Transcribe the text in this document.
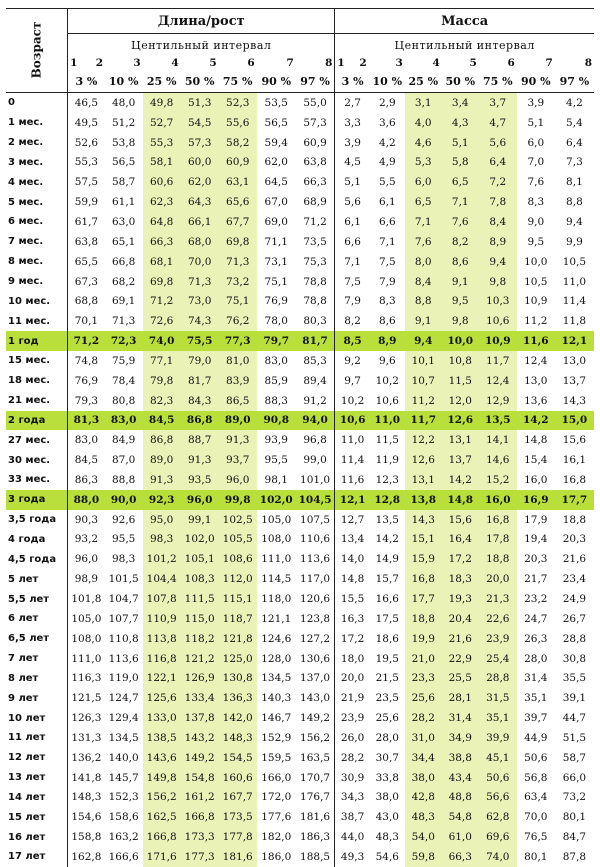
Возраст	Длина/рост							Масса						
	Центильный интервал							Центильный интервал						
	1 2	3	4	5	6	7	8	1 2	3	4	5	6	7	8
	3 %	10 %	25 %	50 %	75 %	90 %	97 %	3 %	10 %	25 %	50 %	75 %	90 %	97 %
0	46,5	48,0	49,8	51,3	52,3	53,5	55,0	2,7	2,9	3,1	3,4	3,7	3,9	4,2
1 мес.	49,5	51,2	52,7	54,5	55,6	56,5	57,3	3,3	3,6	4,0	4,3	4,7	5,1	5,4
2 мес.	52,6	53,8	55,3	57,3	58,2	59,4	60,9	3,9	4,2	4,6	5,1	5,6	6,0	6,4
3 мес.	55,3	56,5	58,1	60,0	60,9	62,0	63,8	4,5	4,9	5,3	5,8	6,4	7,0	7,3
4 мес.	57,5	58,7	60,6	62,0	63,1	64,5	66,3	5,1	5,5	6,0	6,5	7,2	7,6	8,1
5 мес.	59,9	61,1	62,3	64,3	65,6	67,0	68,9	5,6	6,1	6,5	7,1	7,8	8,3	8,8
6 мес.	61,7	63,0	64,8	66,1	67,7	69,0	71,2	6,1	6,6	7,1	7,6	8,4	9,0	9,4
7 мес.	63,8	65,1	66,3	68,0	69,8	71,1	73,5	6,6	7,1	7,6	8,2	8,9	9,5	9,9
8 мес.	65,5	66,8	68,1	70,0	71,3	73,1	75,3	7,1	7,5	8,0	8,6	9,4	10,0	10,5
9 мес.	67,3	68,2	69,8	71,3	73,2	75,1	78,8	7,5	7,9	8,4	9,1	9,8	10,5	11,0
10 мес.	68,8	69,1	71,2	73,0	75,1	76,9	78,8	7,9	8,3	8,8	9,5	10,3	10,9	11,4
11 мес.	70,1	71,3	72,6	74,3	76,2	78,0	80,3	8,2	8,6	9,1	9,8	10,6	11,2	11,8
1 год	71,2	72,3	74,0	75,5	77,3	79,7	81,7	8,5	8,9	9,4	10,0	10,9	11,6	12,1
15 мес.	74,8	75,9	77,1	79,0	81,0	83,0	85,3	9,2	9,6	10,1	10,8	11,7	12,4	13,0
18 мес.	76,9	78,4	79,8	81,7	83,9	85,9	89,4	9,7	10,2	10,7	11,5	12,4	13,0	13,7
21 мес.	79,3	80,8	82,3	84,3	86,5	88,3	91,2	10,2	10,6	11,2	12,0	12,9	13,6	14,3
2 года	81,3	83,0	84,5	86,8	89,0	90,8	94,0	10,6	11,0	11,7	12,6	13,5	14,2	15,0
27 мес.	83,0	84,9	86,8	88,7	91,3	93,9	96,8	11,0	11,5	12,2	13,1	14,1	14,8	15,6
30 мес.	84,5	87,0	89,0	91,3	93,7	95,5	99,0	11,4	11,9	12,6	13,7	14,6	15,4	16,1
33 мес.	86,3	88,8	91,3	93,5	96,0	98,1	101,0	11,6	12,3	13,1	14,2	15,2	16,0	16,8
3 года	88,0	90,0	92,3	96,0	99,8	102,0	104,5	12,1	12,8	13,8	14,8	16,0	16,9	17,7
3,5 года	90,3	92,6	95,0	99,1	102,5	105,0	107,5	12,7	13,5	14,3	15,6	16,8	17,9	18,8
4 года	93,2	95,5	98,3	102,0	105,5	108,0	110,6	13,4	14,2	15,1	16,4	17,8	19,4	20,3
4,5 года	96,0	98,3	101,2	105,1	108,6	111,0	113,6	14,0	14,9	15,9	17,2	18,8	20,3	21,6
5 лет	98,9	101,5	104,4	108,3	112,0	114,5	117,0	14,8	15,7	16,8	18,3	20,0	21,7	23,4
5,5 лет	101,8	104,7	107,8	111,5	115,1	118,0	120,6	15,5	16,6	17,7	19,3	21,3	23,2	24,9
6 лет	105,0	107,7	110,9	115,0	118,7	121,1	123,8	16,3	17,5	18,8	20,4	22,6	24,7	26,7
6,5 лет	108,0	110,8	113,8	118,2	121,8	124,6	127,2	17,2	18,6	19,9	21,6	23,9	26,3	28,8
7 лет	111,0	113,6	116,8	121,2	125,0	128,0	130,6	18,0	19,5	21,0	22,9	25,4	28,0	30,8
8 лет	116,3	119,0	122,1	126,9	130,8	134,5	137,0	20,0	21,5	23,3	25,5	28,8	31,4	35,5
9 лет	121,5	124,7	125,6	133,4	136,3	140,3	143,0	21,9	23,5	25,6	28,1	31,5	35,1	39,1
10 лет	126,3	129,4	133,0	137,8	142,0	146,7	149,2	23,9	25,6	28,2	31,4	35,1	39,7	44,7
11 лет	131,3	134,5	138,5	143,2	148,3	152,9	156,2	26,0	28,0	31,0	34,9	39,9	44,9	51,5
12 лет	136,2	140,0	143,6	149,2	154,5	159,5	163,5	28,2	30,7	34,4	38,8	45,1	50,6	58,7
13 лет	141,8	145,7	149,8	154,8	160,6	166,0	170,7	30,9	33,8	38,0	43,4	50,6	56,8	66,0
14 лет	148,3	152,3	156,2	161,2	167,7	172,0	176,7	34,3	38,0	42,8	48,8	56,6	63,4	73,2
15 лет	154,6	158,6	162,5	166,8	173,5	177,6	181,6	38,7	43,0	48,3	54,8	62,8	70,0	80,1
16 лет	158,8	163,2	166,8	173,3	177,8	182,0	186,3	44,0	48,3	54,0	61,0	69,6	76,5	84,7
17 лет	162,8	166,6	171,6	177,3	181,6	186,0	188,5	49,3	54,6	59,8	66,3	74,0	80,1	87,8
